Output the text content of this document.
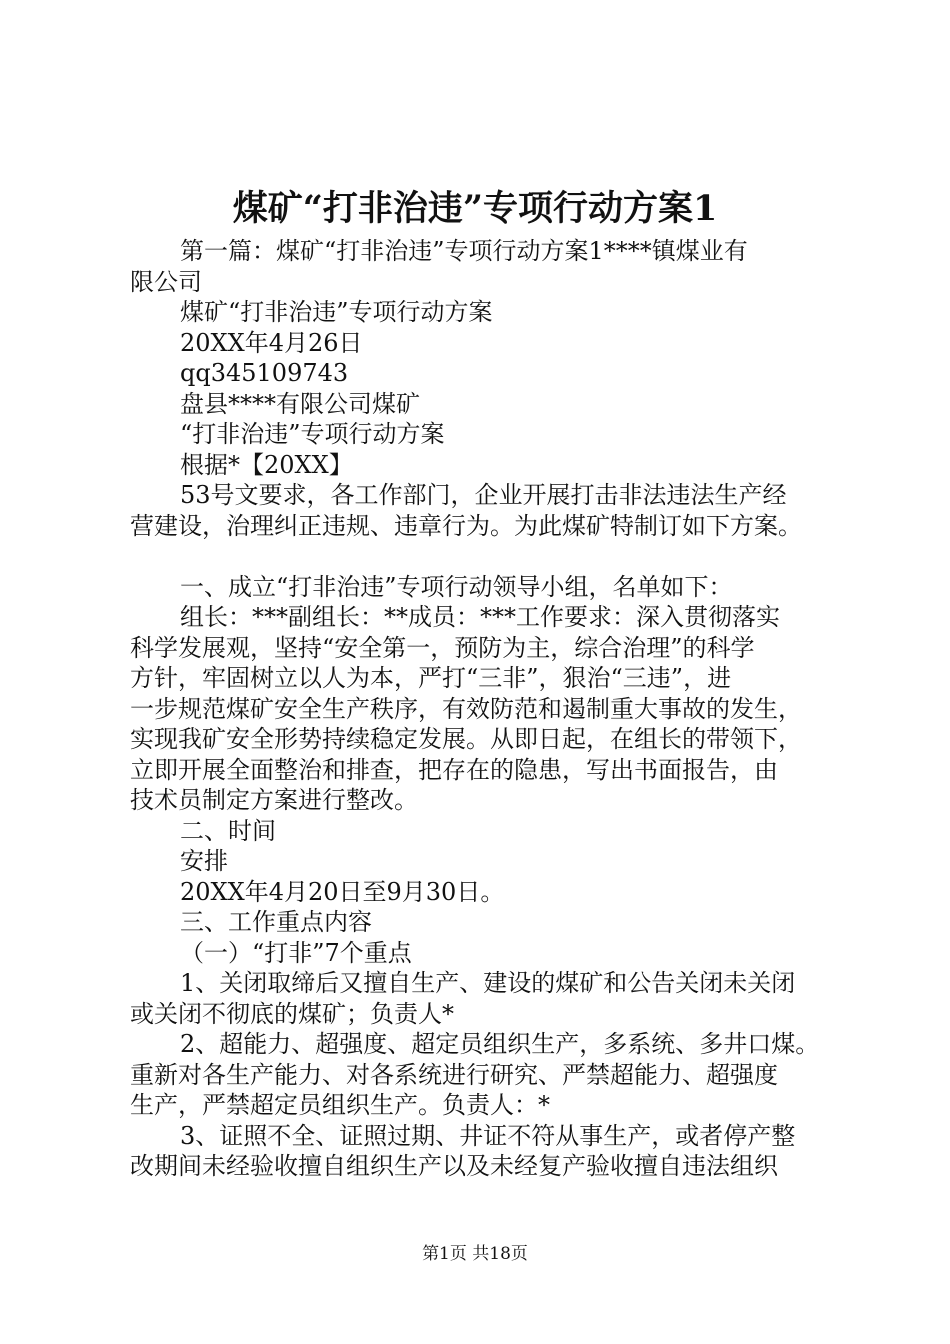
煤矿“打非治违”专项行动方案1
第一篇：煤矿“打非治违”专项行动方案1****镇煤业有
限公司
煤矿“打非治违”专项行动方案
20XX年4月26日
qq345109743
盘县****有限公司煤矿
“打非治违”专项行动方案
根据*【20XX】
53号文要求，各工作部门，企业开展打击非法违法生产经
营建设，治理纠正违规、违章行为。为此煤矿特制订如下方案。
一、成立“打非治违”专项行动领导小组，名单如下：
组长：***副组长：**成员：***工作要求：深入贯彻落实
科学发展观，坚持“安全第一，预防为主，综合治理”的科学
方针，牢固树立以人为本，严打“三非”，狠治“三违”，进
一步规范煤矿安全生产秩序，有效防范和遏制重大事故的发生，
实现我矿安全形势持续稳定发展。从即日起，在组长的带领下，
立即开展全面整治和排查，把存在的隐患，写出书面报告，由
技术员制定方案进行整改。
二、时间
安排
20XX年4月20日至9月30日。
三、工作重点内容
（一）“打非”7个重点
1、关闭取缔后又擅自生产、建设的煤矿和公告关闭未关闭
或关闭不彻底的煤矿；负责人*
2、超能力、超强度、超定员组织生产，多系统、多井口煤。
重新对各生产能力、对各系统进行研究、严禁超能力、超强度
生产，严禁超定员组织生产。负责人：*
3、证照不全、证照过期、井证不符从事生产，或者停产整
改期间未经验收擅自组织生产以及未经复产验收擅自违法组织
第1页 共18页
